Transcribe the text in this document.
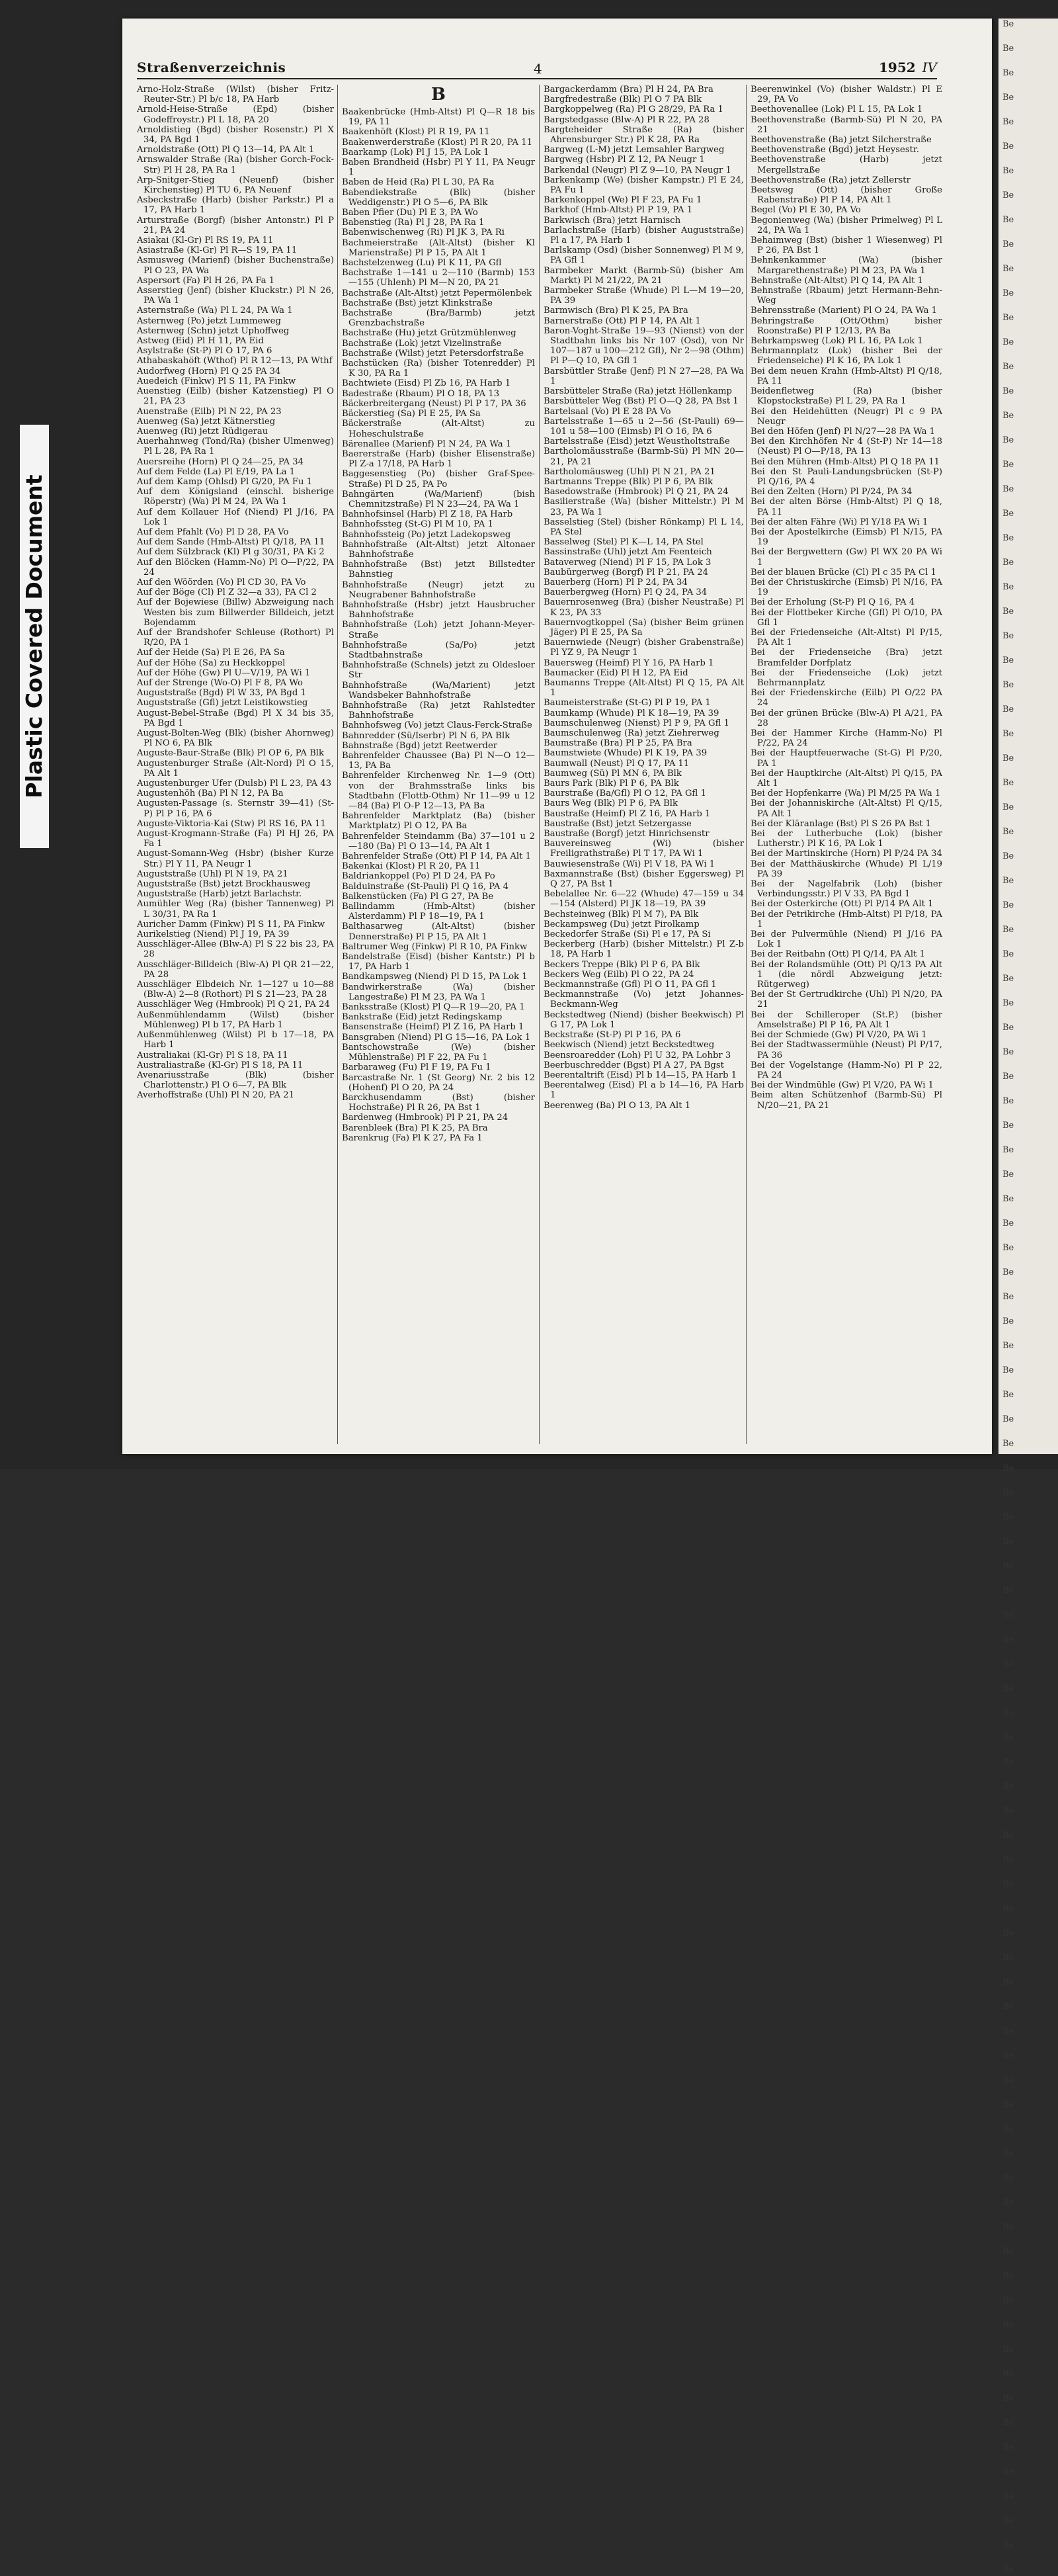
Plastic Covered Document
Straßenverzeichnis	4	1952 IV
Arno-Holz-Straße (Wilst) (bisher Fritz-Reuter-Str.) Pl b/c 18, PA Harb
Arnold-Heise-Straße (Epd) (bisher Godeffroystr.) Pl L 18, PA 20
Arnoldistieg (Bgd) (bisher Rosenstr.) Pl X 34, PA Bgd 1
Arnoldstraße (Ott) Pl Q 13—14, PA Alt 1
Arnswalder Straße (Ra) (bisher Gorch-Fock-Str) Pl H 28, PA Ra 1
Arp-Snitger-Stieg (Neuenf) (bisher Kirchenstieg) Pl TU 6, PA Neuenf
Asbeckstraße (Harb) (bisher Parkstr.) Pl a 17, PA Harb 1
Arturstraße (Borgf) (bisher Antonstr.) Pl P 21, PA 24
Asiakai (Kl-Gr) Pl RS 19, PA 11
Asiastraße (Kl-Gr) Pl R—S 19, PA 11
Asmusweg (Marienf) (bisher Buchenstraße) Pl O 23, PA Wa
Aspersort (Fa) Pl H 26, PA Fa 1
Asserstieg (Jenf) (bisher Kluckstr.) Pl N 26, PA Wa 1
Asternstraße (Wa) Pl L 24, PA Wa 1
Asternweg (Po) jetzt Lummeweg
Asternweg (Schn) jetzt Uphoffweg
Astweg (Eid) Pl H 11, PA Eid
Asylstraße (St-P) Pl O 17, PA 6
Athabaskahöft (Wthof) Pl R 12—13, PA Wthf
Audorfweg (Horn) Pl Q 25 PA 34
Auedeich (Finkw) Pl S 11, PA Finkw
Auenstieg (Eilb) (bisher Katzenstieg) Pl O 21, PA 23
Auenstraße (Eilb) Pl N 22, PA 23
Auenweg (Sa) jetzt Kätnerstieg
Auenweg (Ri) jetzt Rüdigerau
Auerhahnweg (Tond/Ra) (bisher Ulmenweg) Pl L 28, PA Ra 1
Auersreihe (Horn) Pl Q 24—25, PA 34
Auf dem Felde (La) Pl E/19, PA La 1
Auf dem Kamp (Ohlsd) Pl G/20, PA Fu 1
Auf dem Königsland (einschl. bisherige Röperstr) (Wa) Pl M 24, PA Wa 1
Auf dem Kollauer Hof (Niend) Pl J/16, PA Lok 1
Auf dem Pfahlt (Vo) Pl D 28, PA Vo
Auf dem Sande (Hmb-Altst) Pl Q/18, PA 11
Auf dem Sülzbrack (Kl) Pl g 30/31, PA Ki 2
Auf den Blöcken (Hamm-No) Pl O—P/22, PA 24
Auf den Wöörden (Vo) Pl CD 30, PA Vo
Auf der Böge (Cl) Pl Z 32—a 33), PA Cl 2
Auf der Bojewiese (Billw) Abzweigung nach Westen bis zum Billwerder Billdeich, jetzt Bojendamm
Auf der Brandshofer Schleuse (Rothort) Pl R/20, PA 1
Auf der Heide (Sa) Pl E 26, PA Sa
Auf der Höhe (Sa) zu Heckkoppel
Auf der Höhe (Gw) Pl U—V/19, PA Wi 1
Auf der Strenge (Wo-O) Pl F 8, PA Wo
Auguststraße (Bgd) Pl W 33, PA Bgd 1
Auguststraße (Gfl) jetzt Leistikowstieg
August-Bebel-Straße (Bgd) Pl X 34 bis 35, PA Bgd 1
August-Bolten-Weg (Blk) (bisher Ahornweg) Pl NO 6, PA Blk
Auguste-Baur-Straße (Blk) Pl OP 6, PA Blk
Augustenburger Straße (Alt-Nord) Pl O 15, PA Alt 1
Augustenburger Ufer (Dulsb) Pl L 23, PA 43
Augustenhöh (Ba) Pl N 12, PA Ba
Augusten-Passage (s. Sternstr 39—41) (St-P) Pl P 16, PA 6
Auguste-Viktoria-Kai (Stw) Pl RS 16, PA 11
August-Krogmann-Straße (Fa) Pl HJ 26, PA Fa 1
August-Somann-Weg (Hsbr) (bisher Kurze Str.) Pl Y 11, PA Neugr 1
Auguststraße (Uhl) Pl N 19, PA 21
Auguststraße (Bst) jetzt Brockhausweg
Auguststraße (Harb) jetzt Barlachstr.
Aumühler Weg (Ra) (bisher Tannenweg) Pl L 30/31, PA Ra 1
Auricher Damm (Finkw) Pl S 11, PA Finkw
Aurikelstieg (Niend) Pl J 19, PA 39
Ausschläger-Allee (Blw-A) Pl S 22 bis 23, PA 28
Ausschläger-Billdeich (Blw-A) Pl QR 21—22, PA 28
Ausschläger Elbdeich Nr. 1—127 u 10—88 (Blw-A) 2—8 (Rothort) Pl S 21—23, PA 28
Ausschläger Weg (Hmbrook) Pl Q 21, PA 24
Außenmühlendamm (Wilst) (bisher Mühlenweg) Pl b 17, PA Harb 1
Außenmühlenweg (Wilst) Pl b 17—18, PA Harb 1
Australiakai (Kl-Gr) Pl S 18, PA 11
Australiastraße (Kl-Gr) Pl S 18, PA 11
Avenariusstraße (Blk) (bisher Charlottenstr.) Pl O 6—7, PA Blk
Averhoffstraße (Uhl) Pl N 20, PA 21
B
Baakenbrücke (Hmb-Altst) Pl Q—R 18 bis 19, PA 11
Baakenhöft (Klost) Pl R 19, PA 11
Baakenwerderstraße (Klost) Pl R 20, PA 11
Baarkamp (Lok) Pl J 15, PA Lok 1
Baben Brandheid (Hsbr) Pl Y 11, PA Neugr 1
Baben de Heid (Ra) Pl L 30, PA Ra
Babendiekstraße (Blk) (bisher Weddigenstr.) Pl O 5—6, PA Blk
Baben Pfier (Du) Pl E 3, PA Wo
Babenstieg (Ra) Pl J 28, PA Ra 1
Babenwischenweg (Ri) Pl JK 3, PA Ri
Bachmeierstraße (Alt-Altst) (bisher Kl Marienstraße) Pl P 15, PA Alt 1
Bachstelzenweg (Lu) Pl K 11, PA Gfl
Bachstraße 1—141 u 2—110 (Barmb) 153—155 (Uhlenh) Pl M—N 20, PA 21
Bachstraße (Alt-Altst) jetzt Pepermölenbek
Bachstraße (Bst) jetzt Klinkstraße
Bachstraße (Bra/Barmb) jetzt Grenzbachstraße
Bachstraße (Hu) jetzt Grützmühlenweg
Bachstraße (Lok) jetzt Vizelinstraße
Bachstraße (Wilst) jetzt Petersdorfstraße
Bachstücken (Ra) (bisher Totenredder) Pl K 30, PA Ra 1
Bachtwiete (Eisd) Pl Zb 16, PA Harb 1
Badestraße (Rbaum) Pl O 18, PA 13
Bäckerbreitergang (Neust) Pl P 17, PA 36
Bäckerstieg (Sa) Pl E 25, PA Sa
Bäckerstraße (Alt-Altst) zu Hoheschulstraße
Bärenallee (Marienf) Pl N 24, PA Wa 1
Baererstraße (Harb) (bisher Elisenstraße) Pl Z-a 17/18, PA Harb 1
Baggesenstieg (Po) (bisher Graf-Spee-Straße) Pl D 25, PA Po
Bahngärten (Wa/Marienf) (bish Chemnitzstraße) Pl N 23—24, PA Wa 1
Bahnhofsinsel (Harb) Pl Z 18, PA Harb
Bahnhofssteg (St-G) Pl M 10, PA 1
Bahnhofssteig (Po) jetzt Ladekopsweg
Bahnhofstraße (Alt-Altst) jetzt Altonaer Bahnhofstraße
Bahnhofstraße (Bst) jetzt Billstedter Bahnstieg
Bahnhofstraße (Neugr) jetzt zu Neugrabener Bahnhofstraße
Bahnhofstraße (Hsbr) jetzt Hausbrucher Bahnhofstraße
Bahnhofstraße (Loh) jetzt Johann-Meyer-Straße
Bahnhofstraße (Sa/Po) jetzt Stadtbahnstraße
Bahnhofstraße (Schnels) jetzt zu Oldesloer Str
Bahnhofstraße (Wa/Marient) jetzt Wandsbeker Bahnhofstraße
Bahnhofstraße (Ra) jetzt Rahlstedter Bahnhofstraße
Bahnhofsweg (Vo) jetzt Claus-Ferck-Straße
Bahnredder (Sü/Iserbr) Pl N 6, PA Blk
Bahnstraße (Bgd) jetzt Reetwerder
Bahrenfelder Chaussee (Ba) Pl N—O 12—13, PA Ba
Bahrenfelder Kirchenweg Nr. 1—9 (Ott) von der Brahmsstraße links bis Stadtbahn (Flottb-Othm) Nr 11—99 u 12—84 (Ba) Pl O-P 12—13, PA Ba
Bahrenfelder Marktplatz (Ba) (bisher Marktplatz) Pl O 12, PA Ba
Bahrenfelder Steindamm (Ba) 37—101 u 2—180 (Ba) Pl O 13—14, PA Alt 1
Bahrenfelder Straße (Ott) Pl P 14, PA Alt 1
Bakenkai (Klost) Pl R 20, PA 11
Baldriankoppel (Po) Pl D 24, PA Po
Balduinstraße (St-Pauli) Pl Q 16, PA 4
Balkenstücken (Fa) Pl G 27, PA Be
Ballindamm (Hmb-Altst) (bisher Alsterdamm) Pl P 18—19, PA 1
Balthasarweg (Alt-Altst) (bisher Dennerstraße) Pl P 15, PA Alt 1
Baltrumer Weg (Finkw) Pl R 10, PA Finkw
Bandelstraße (Eisd) (bisher Kantstr.) Pl b 17, PA Harb 1
Bandkampsweg (Niend) Pl D 15, PA Lok 1
Bandwirkerstraße (Wa) (bisher Langestraße) Pl M 23, PA Wa 1
Banksstraße (Klost) Pl Q—R 19—20, PA 1
Bankstraße (Eid) jetzt Redingskamp
Bansenstraße (Heimf) Pl Z 16, PA Harb 1
Bansgraben (Niend) Pl G 15—16, PA Lok 1
Bantschowstraße (We) (bisher Mühlenstraße) Pl F 22, PA Fu 1
Barbaraweg (Fu) Pl F 19, PA Fu 1
Barcastraße Nr. 1 (St Georg) Nr. 2 bis 12 (Hohenf) Pl O 20, PA 24
Barckhusendamm (Bst) (bisher Hochstraße) Pl R 26, PA Bst 1
Bardenweg (Hmbrook) Pl P 21, PA 24
Barenbleek (Bra) Pl K 25, PA Bra
Barenkrug (Fa) Pl K 27, PA Fa 1
Bargackerdamm (Bra) Pl H 24, PA Bra
Bargfredestraße (Blk) Pl O 7 PA Blk
Bargkoppelweg (Ra) Pl G 28/29, PA Ra 1
Bargstedgasse (Blw-A) Pl R 22, PA 28
Bargteheider Straße (Ra) (bisher Ahrensburger Str.) Pl K 28, PA Ra
Bargweg (L-M) jetzt Lemsahler Bargweg
Bargweg (Hsbr) Pl Z 12, PA Neugr 1
Barkendal (Neugr) Pl Z 9—10, PA Neugr 1
Barkenkamp (We) (bisher Kampstr.) Pl E 24, PA Fu 1
Barkenkoppel (We) Pl F 23, PA Fu 1
Barkhof (Hmb-Altst) Pl P 19, PA 1
Barkwisch (Bra) jetzt Harnisch
Barlachstraße (Harb) (bisher Auguststraße) Pl a 17, PA Harb 1
Barlskamp (Osd) (bisher Sonnenweg) Pl M 9, PA Gfl 1
Barmbeker Markt (Barmb-Sü) (bisher Am Markt) Pl M 21/22, PA 21
Barmbeker Straße (Whude) Pl L—M 19—20, PA 39
Barmwisch (Bra) Pl K 25, PA Bra
Barnerstraße (Ott) Pl P 14, PA Alt 1
Baron-Voght-Straße 19—93 (Nienst) von der Stadtbahn links bis Nr 107 (Osd), von Nr 107—187 u 100—212 Gfl), Nr 2—98 (Othm) Pl P—Q 10, PA Gfl 1
Barsbüttler Straße (Jenf) Pl N 27—28, PA Wa 1
Barsbütteler Straße (Ra) jetzt Höllenkamp
Barsbütteler Weg (Bst) Pl O—Q 28, PA Bst 1
Bartelsaal (Vo) Pl E 28 PA Vo
Bartelsstraße 1—65 u 2—56 (St-Pauli) 69—101 u 58—100 (Eimsb) Pl O 16, PA 6
Bartelsstraße (Eisd) jetzt Weustholtstraße
Bartholomäusstraße (Barmb-Sü) Pl MN 20—21, PA 21
Bartholomäusweg (Uhl) Pl N 21, PA 21
Bartmanns Treppe (Blk) Pl P 6, PA Blk
Basedowstraße (Hmbrook) Pl Q 21, PA 24
Basilierstraße (Wa) (bisher Mittelstr.) Pl M 23, PA Wa 1
Basselstieg (Stel) (bisher Rönkamp) Pl L 14, PA Stel
Basselweg (Stel) Pl K—L 14, PA Stel
Bassinstraße (Uhl) jetzt Am Feenteich
Bataverweg (Niend) Pl F 15, PA Lok 3
Baubürgerweg (Borgf) Pl P 21, PA 24
Bauerberg (Horn) Pl P 24, PA 34
Bauerbergweg (Horn) Pl Q 24, PA 34
Bauernrosenweg (Bra) (bisher Neustraße) Pl K 23, PA 33
Bauernvogtkoppel (Sa) (bisher Beim grünen Jäger) Pl E 25, PA Sa
Bauernwiede (Neugr) (bisher Grabenstraße) Pl YZ 9, PA Neugr 1
Bauersweg (Heimf) Pl Y 16, PA Harb 1
Baumacker (Eid) Pl H 12, PA Eid
Baumanns Treppe (Alt-Altst) Pl Q 15, PA Alt 1
Baumeisterstraße (St-G) Pl P 19, PA 1
Baumkamp (Whude) Pl K 18—19, PA 39
Baumschulenweg (Nienst) Pl P 9, PA Gfl 1
Baumschulenweg (Ra) jetzt Ziehrerweg
Baumstraße (Bra) Pl P 25, PA Bra
Baumstwiete (Whude) Pl K 19, PA 39
Baumwall (Neust) Pl Q 17, PA 11
Baumweg (Sü) Pl MN 6, PA Blk
Baurs Park (Blk) Pl P 6, PA Blk
Baurstraße (Ba/Gfl) Pl O 12, PA Gfl 1
Baurs Weg (Blk) Pl P 6, PA Blk
Baustraße (Heimf) Pl Z 16, PA Harb 1
Baustraße (Bst) jetzt Setzergasse
Baustraße (Borgf) jetzt Hinrichsenstr
Bauvereinsweg (Wi) (bisher Freiligrathstraße) Pl T 17, PA Wi 1
Bauwiesenstraße (Wi) Pl V 18, PA Wi 1
Baxmannstraße (Bst) (bisher Eggersweg) Pl Q 27, PA Bst 1
Bebelallee Nr. 6—22 (Whude) 47—159 u 34—154 (Alsterd) Pl JK 18—19, PA 39
Bechsteinweg (Blk) Pl M 7), PA Blk
Beckampsweg (Du) jetzt Pirolkamp
Beckedorfer Straße (Si) Pl e 17, PA Si
Beckerberg (Harb) (bisher Mittelstr.) Pl Z-b 18, PA Harb 1
Beckers Treppe (Blk) Pl P 6, PA Blk
Beckers Weg (Eilb) Pl O 22, PA 24
Beckmannstraße (Gfl) Pl O 11, PA Gfl 1
Beckmannstraße (Vo) jetzt Johannes-Beckmann-Weg
Beckstedtweg (Niend) (bisher Beekwisch) Pl G 17, PA Lok 1
Beckstraße (St-P) Pl P 16, PA 6
Beekwisch (Niend) jetzt Beckstedtweg
Beensroaredder (Loh) Pl U 32, PA Lohbr 3
Beerbuschredder (Bgst) Pl A 27, PA Bgst
Beerentaltrift (Eisd) Pl b 14—15, PA Harb 1
Beerentalweg (Eisd) Pl a b 14—16, PA Harb 1
Beerenweg (Ba) Pl O 13, PA Alt 1
Beerenwinkel (Vo) (bisher Waldstr.) Pl E 29, PA Vo
Beethovenallee (Lok) Pl L 15, PA Lok 1
Beethovenstraße (Barmb-Sü) Pl N 20, PA 21
Beethovenstraße (Ba) jetzt Silcherstraße
Beethovenstraße (Bgd) jetzt Heysestr.
Beethovenstraße (Harb) jetzt Mergellstraße
Beethovenstraße (Ra) jetzt Zellerstr
Beetsweg (Ott) (bisher Große Rabenstraße) Pl P 14, PA Alt 1
Begel (Vo) Pl E 30, PA Vo
Begonienweg (Wa) (bisher Primelweg) Pl L 24, PA Wa 1
Behaimweg (Bst) (bisher 1 Wiesenweg) Pl P 26, PA Bst 1
Behnkenkammer (Wa) (bisher Margarethenstraße) Pl M 23, PA Wa 1
Behnstraße (Alt-Altst) Pl Q 14, PA Alt 1
Behnstraße (Rbaum) jetzt Hermann-Behn-Weg
Behrensstraße (Marient) Pl O 24, PA Wa 1
Behringstraße (Ott/Othm) bisher Roonstraße) Pl P 12/13, PA Ba
Behrkampsweg (Lok) Pl L 16, PA Lok 1
Behrmannplatz (Lok) (bisher Bei der Friedenseiche) Pl K 16, PA Lok 1
Bei dem neuen Krahn (Hmb-Altst) Pl Q/18, PA 11
Beidenfletweg (Ra) (bisher Klopstockstraße) Pl L 29, PA Ra 1
Bei den Heidehütten (Neugr) Pl c 9 PA Neugr
Bei den Höfen (Jenf) Pl N/27—28 PA Wa 1
Bei den Kirchhöfen Nr 4 (St-P) Nr 14—18 (Neust) Pl O—P/18, PA 13
Bei den Mühren (Hmb-Altst) Pl Q 18 PA 11
Bei den St Pauli-Landungsbrücken (St-P) Pl Q/16, PA 4
Bei den Zelten (Horn) Pl P/24, PA 34
Bei der alten Börse (Hmb-Altst) Pl Q 18, PA 11
Bei der alten Fähre (Wi) Pl Y/18 PA Wi 1
Bei der Apostelkirche (Eimsb) Pl N/15, PA 19
Bei der Bergwettern (Gw) Pl WX 20 PA Wi 1
Bei der blauen Brücke (Cl) Pl c 35 PA Cl 1
Bei der Christuskirche (Eimsb) Pl N/16, PA 19
Bei der Erholung (St-P) Pl Q 16, PA 4
Bei der Flottbeker Kirche (Gfl) Pl O/10, PA Gfl 1
Bei der Friedenseiche (Alt-Altst) Pl P/15, PA Alt 1
Bei der Friedenseiche (Bra) jetzt Bramfelder Dorfplatz
Bei der Friedenseiche (Lok) jetzt Behrmannplatz
Bei der Friedenskirche (Eilb) Pl O/22 PA 24
Bei der grünen Brücke (Blw-A) Pl A/21, PA 28
Bei der Hammer Kirche (Hamm-No) Pl P/22, PA 24
Bei der Hauptfeuerwache (St-G) Pl P/20, PA 1
Bei der Hauptkirche (Alt-Altst) Pl Q/15, PA Alt 1
Bei der Hopfenkarre (Wa) Pl M/25 PA Wa 1
Bei der Johanniskirche (Alt-Altst) Pl Q/15, PA Alt 1
Bei der Kläranlage (Bst) Pl S 26 PA Bst 1
Bei der Lutherbuche (Lok) (bisher Lutherstr.) Pl K 16, PA Lok 1
Bei der Martinskirche (Horn) Pl P/24 PA 34
Bei der Matthäuskirche (Whude) Pl L/19 PA 39
Bei der Nagelfabrik (Loh) (bisher Verbindungsstr.) Pl V 33, PA Bgd 1
Bei der Osterkirche (Ott) Pl P/14 PA Alt 1
Bei der Petrikirche (Hmb-Altst) Pl P/18, PA 1
Bei der Pulvermühle (Niend) Pl J/16 PA Lok 1
Bei der Reitbahn (Ott) Pl Q/14, PA Alt 1
Bei der Rolandsmühle (Ott) Pl Q/13 PA Alt 1 (die nördl Abzweigung jetzt: Rütgerweg)
Bei der St Gertrudkirche (Uhl) Pl N/20, PA 21
Bei der Schilleroper (St.P.) (bisher Amselstraße) Pl P 16, PA Alt 1
Bei der Schmiede (Gw) Pl V/20, PA Wi 1
Bei der Stadtwassermühle (Neust) Pl P/17, PA 36
Bei der Vogelstange (Hamm-No) Pl P 22, PA 24
Bei der Windmühle (Gw) Pl V/20, PA Wi 1
Beim alten Schützenhof (Barmb-Sü) Pl N/20—21, PA 21
Be
Be
Be
Be
Be
Be
Be
Be
Be
Be
Be
Be
Be
Be
Be
Be
Be
Be
Be
Be
Be
Be
Be
Be
Be
Be
Be
Be
Be
Be
Be
Be
Be
Be
Be
Be
Be
Be
Be
Be
Be
Be
Be
Be
Be
Be
Be
Be
Be
Be
Be
Be
Be
Be
Be
Be
Be
Be
Be
Be
Be
Be
Be
Be
Be
Be
Be
Be
Be
Be
Be
Be
Be
Be
Be
Be
Be
Be
Be
Be
Be
Be
Be
Be
Be
Be
Be
Be
Be
Be
Be
Be
Be
Be
Be
Be
Be
Be
Be
Be
Be
Be
Be
Be
Be
